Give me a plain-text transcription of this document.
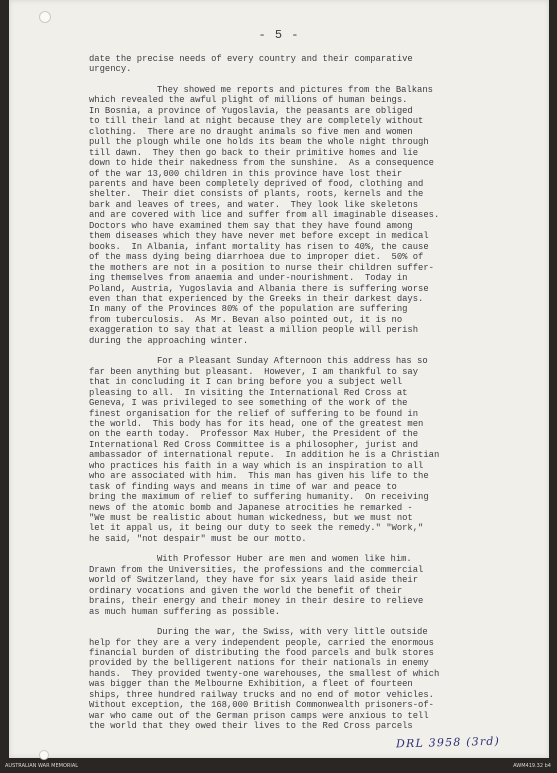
- 5 -
date the precise needs of every country and their comparative
urgency.
They showed me reports and pictures from the Balkans
which revealed the awful plight of millions of human beings.
In Bosnia, a province of Yugoslavia, the peasants are obliged
to till their land at night because they are completely without
clothing.  There are no draught animals so five men and women
pull the plough while one holds its beam the whole night through
till dawn.  They then go back to their primitive homes and lie
down to hide their nakedness from the sunshine.  As a consequence
of the war 13,000 children in this province have lost their
parents and have been completely deprived of food, clothing and
shelter.  Their diet consists of plants, roots, kernels and the
bark and leaves of trees, and water.  They look like skeletons
and are covered with lice and suffer from all imaginable diseases.
Doctors who have examined them say that they have found among
them diseases which they have never met before except in medical
books.  In Albania, infant mortality has risen to 40%, the cause
of the mass dying being diarrhoea due to improper diet.  50% of
the mothers are not in a position to nurse their children suffer-
ing themselves from anaemia and under-nourishment.  Today in
Poland, Austria, Yugoslavia and Albania there is suffering worse
even than that experienced by the Greeks in their darkest days.
In many of the Provinces 80% of the population are suffering
from tuberculosis.  As Mr. Bevan also pointed out, it is no
exaggeration to say that at least a million people will perish
during the approaching winter.
For a Pleasant Sunday Afternoon this address has so
far been anything but pleasant.  However, I am thankful to say
that in concluding it I can bring before you a subject well
pleasing to all.  In visiting the International Red Cross at
Geneva, I was privileged to see something of the work of the
finest organisation for the relief of suffering to be found in
the world.  This body has for its head, one of the greatest men
on the earth today.  Professor Max Huber, the President of the
International Red Cross Committee is a philosopher, jurist and
ambassador of international repute.  In addition he is a Christian
who practices his faith in a way which is an inspiration to all
who are associated with him.  This man has given his life to the
task of finding ways and means in time of war and peace to
bring the maximum of relief to suffering humanity.  On receiving
news of the atomic bomb and Japanese atrocities he remarked -
"We must be realistic about human wickedness, but we must not
let it appal us, it being our duty to seek the remedy." "Work,"
he said, "not despair" must be our motto.
With Professor Huber are men and women like him.
Drawn from the Universities, the professions and the commercial
world of Switzerland, they have for six years laid aside their
ordinary vocations and given the world the benefit of their
brains, their energy and their money in their desire to relieve
as much human suffering as possible.
During the war, the Swiss, with very little outside
help for they are a very independent people, carried the enormous
financial burden of distributing the food parcels and bulk stores
provided by the belligerent nations for their nationals in enemy
hands.  They provided twenty-one warehouses, the smallest of which
was bigger than the Melbourne Exhibition, a fleet of fourteen
ships, three hundred railway trucks and no end of motor vehicles.
Without exception, the 168,000 British Commonwealth prisoners-of-
war who came out of the German prison camps were anxious to tell
the world that they owed their lives to the Red Cross parcels
DRL 3958 (3rd)
AUSTRALIAN WAR MEMORIAL	AWM419.32 b4
